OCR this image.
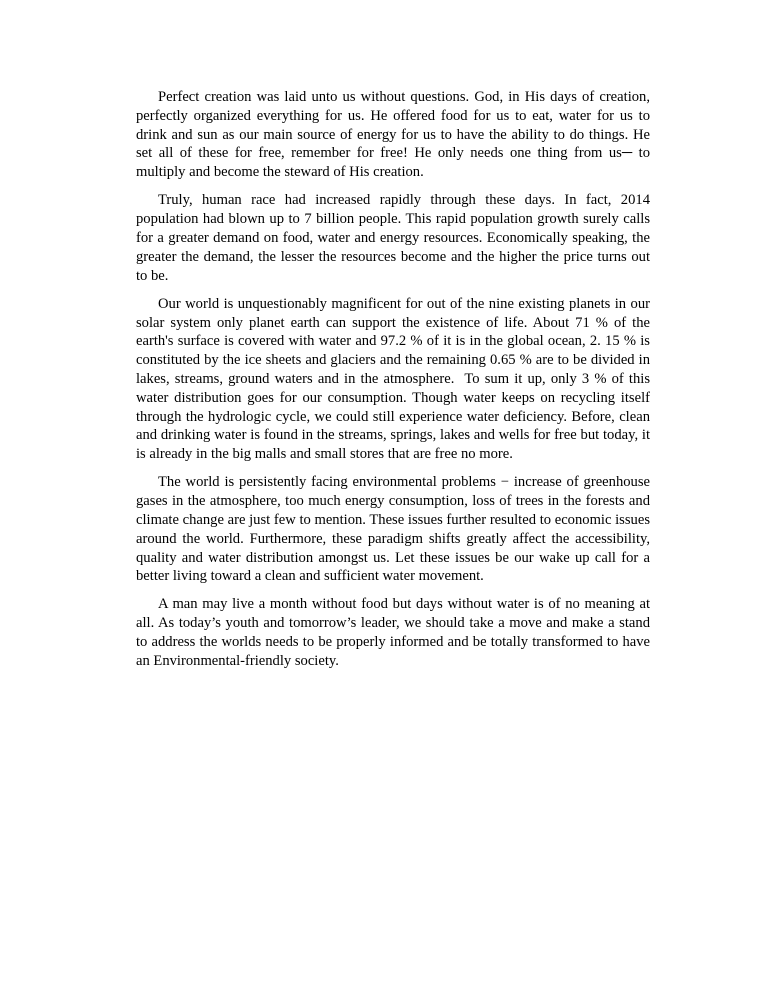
Perfect creation was laid unto us without questions. God, in His days of creation, perfectly organized everything for us. He offered food for us to eat, water for us to drink and sun as our main source of energy for us to have the ability to do things. He set all of these for free, remember for free! He only needs one thing from us─ to multiply and become the steward of His creation.

Truly, human race had increased rapidly through these days. In fact, 2014 population had blown up to 7 billion people. This rapid population growth surely calls for a greater demand on food, water and energy resources. Economically speaking, the greater the demand, the lesser the resources become and the higher the price turns out to be.

Our world is unquestionably magnificent for out of the nine existing planets in our solar system only planet earth can support the existence of life. About 71 % of the earth's surface is covered with water and 97.2 % of it is in the global ocean, 2. 15 % is constituted by the ice sheets and glaciers and the remaining 0.65 % are to be divided in lakes, streams, ground waters and in the atmosphere.  To sum it up, only 3 % of this water distribution goes for our consumption. Though water keeps on recycling itself through the hydrologic cycle, we could still experience water deficiency. Before, clean and drinking water is found in the streams, springs, lakes and wells for free but today, it is already in the big malls and small stores that are free no more.

The world is persistently facing environmental problems − increase of greenhouse gases in the atmosphere, too much energy consumption, loss of trees in the forests and climate change are just few to mention. These issues further resulted to economic issues around the world. Furthermore, these paradigm shifts greatly affect the accessibility, quality and water distribution amongst us. Let these issues be our wake up call for a better living toward a clean and sufficient water movement.

A man may live a month without food but days without water is of no meaning at all. As today’s youth and tomorrow’s leader, we should take a move and make a stand to address the worlds needs to be properly informed and be totally transformed to have  an Environmental-friendly society.
